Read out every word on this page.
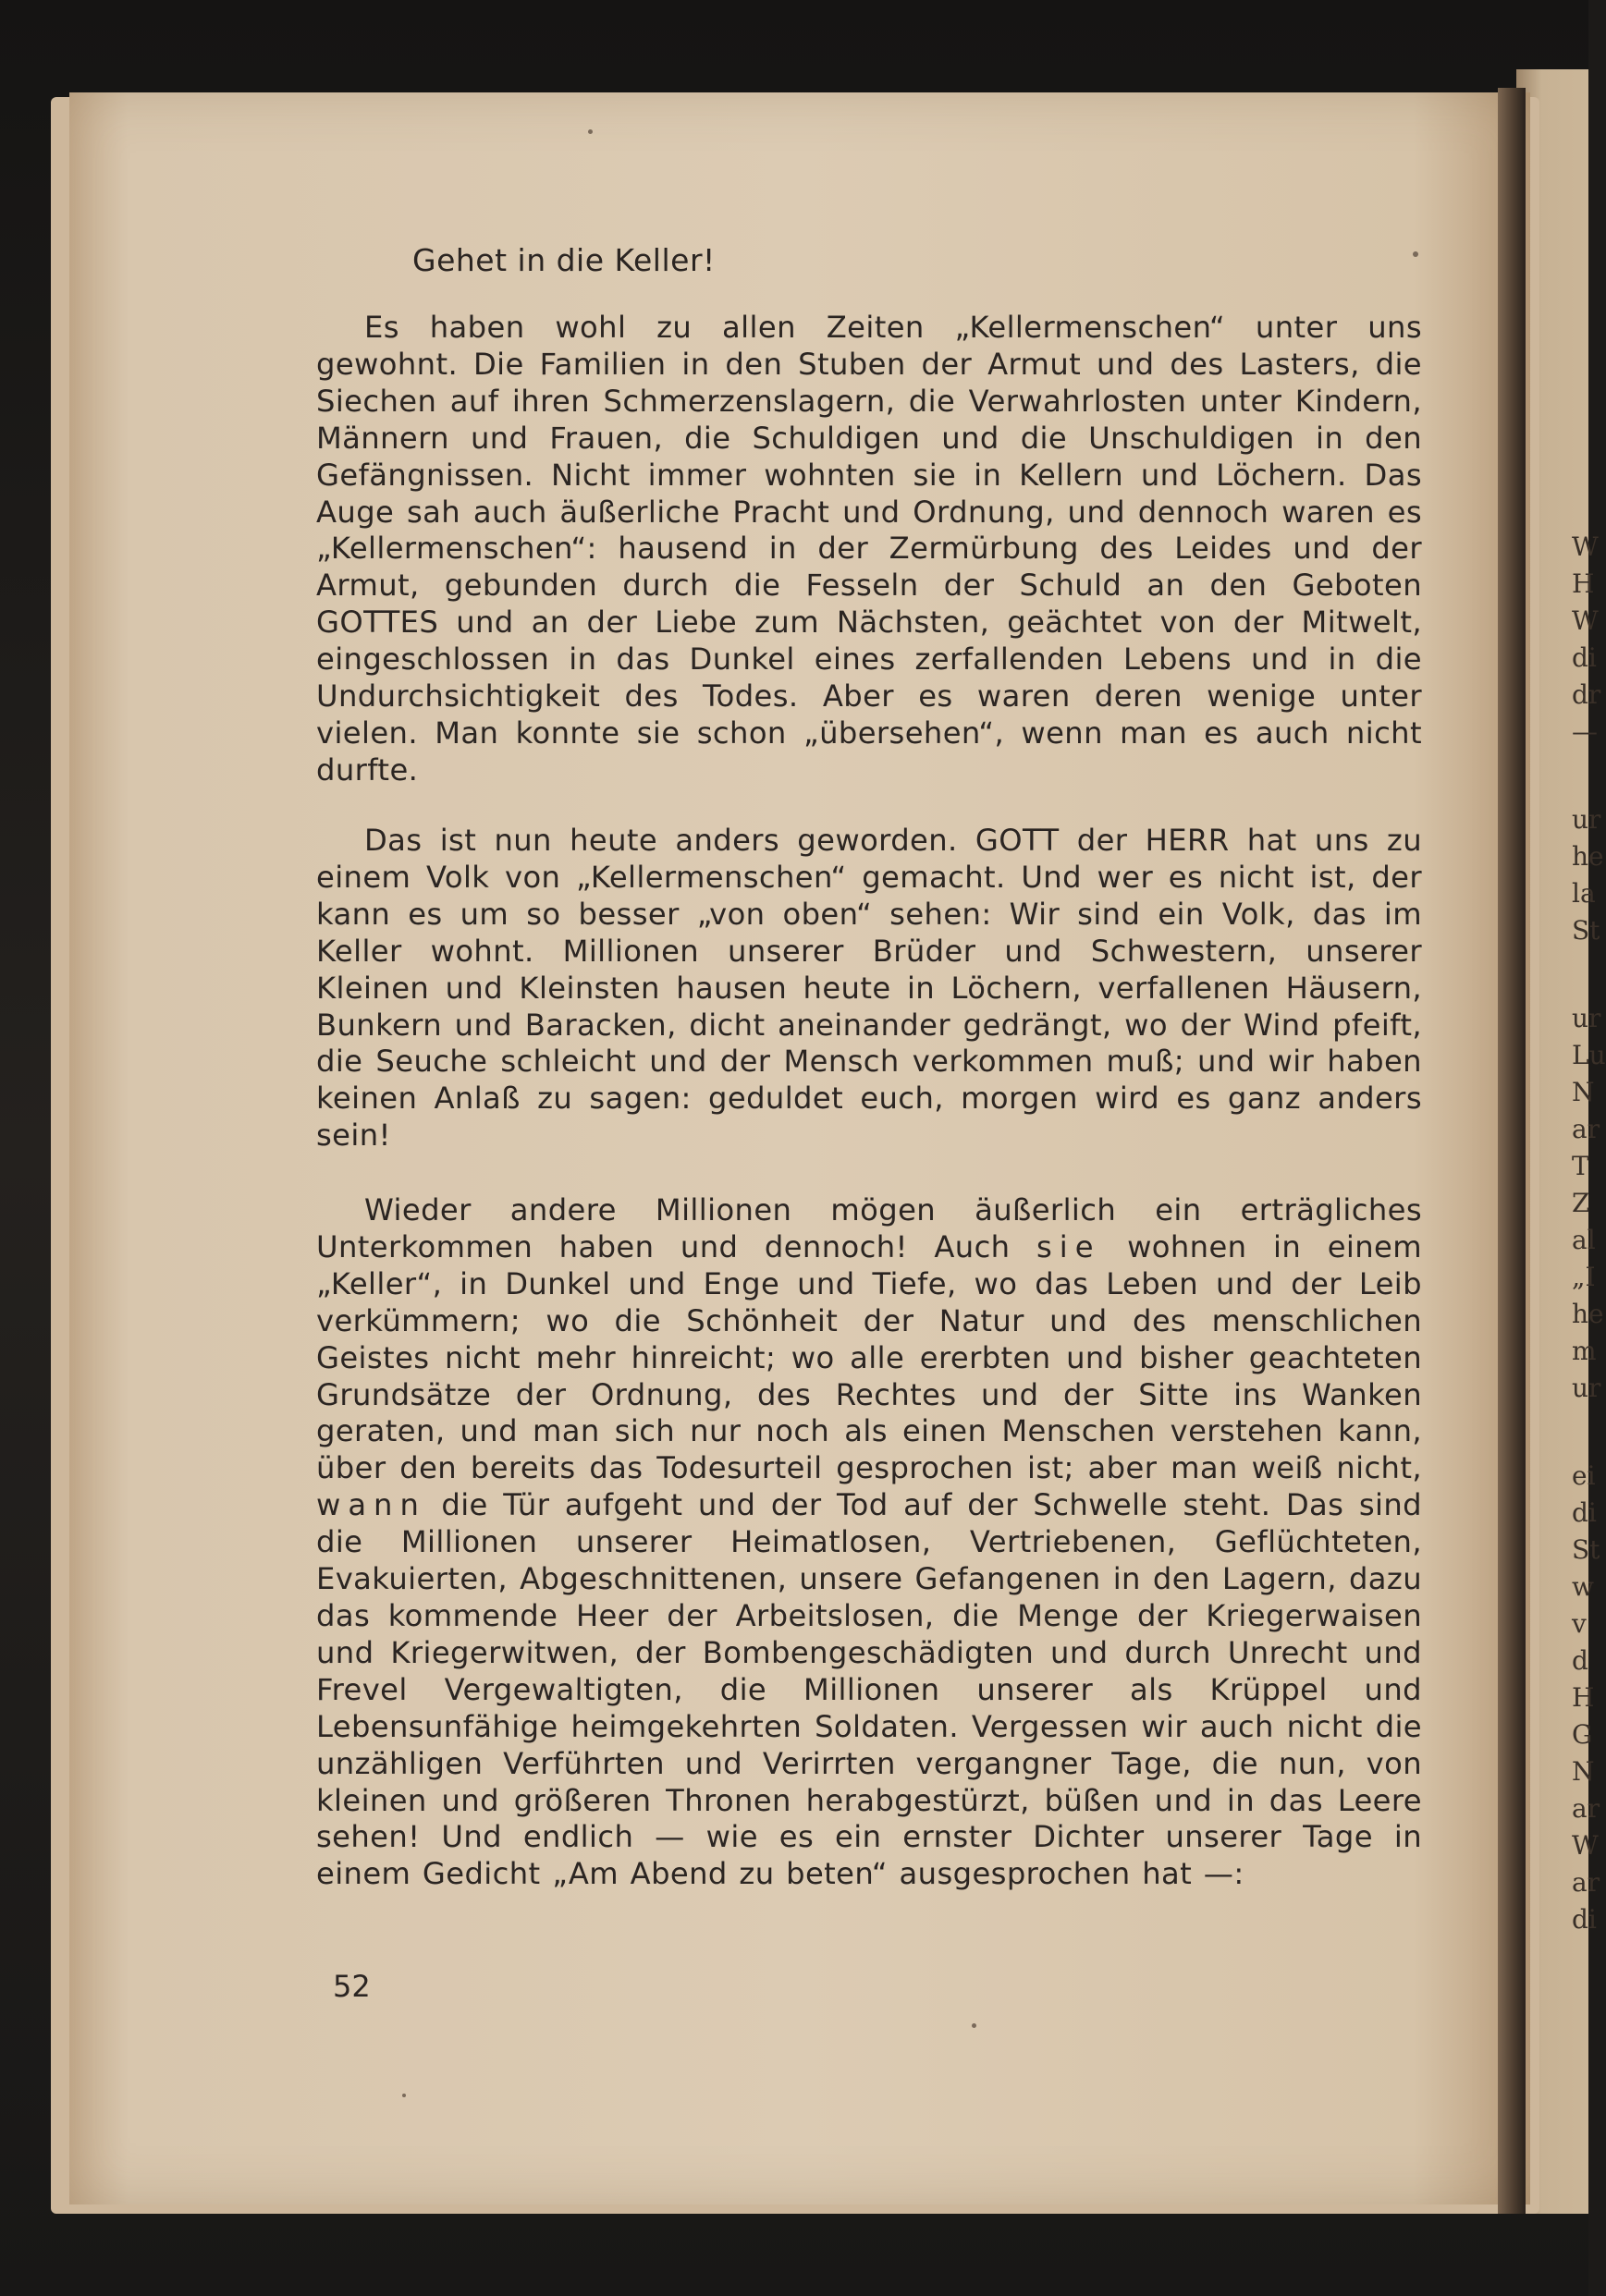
W
H
W
di
dr
—
ur
he
la
St
ur
Lu
N
ar
T
Z
al
„I
he
m
ur
ei
di
St
w
v
d
H
G
N
ar
W
ar
di
Gehet in die Keller!
Es haben wohl zu allen Zeiten „Kellermenschen“ unter uns gewohnt. Die Familien in den Stuben der Armut und des Lasters, die Siechen auf ihren Schmerzenslagern, die Verwahrlosten unter Kindern, Männern und Frauen, die Schuldigen und die Unschuldigen in den Gefängnissen. Nicht immer wohnten sie in Kellern und Löchern. Das Auge sah auch äußerliche Pracht und Ordnung, und dennoch waren es „Kellermenschen“: hausend in der Zermürbung des Leides und der Armut, gebunden durch die Fesseln der Schuld an den Geboten GOTTES und an der Liebe zum Nächsten, geächtet von der Mitwelt, eingeschlossen in das Dunkel eines zerfallenden Lebens und in die Undurchsichtigkeit des Todes. Aber es waren deren wenige unter vielen. Man konnte sie schon „übersehen“, wenn man es auch nicht durfte.
Das ist nun heute anders geworden. GOTT der HERR hat uns zu einem Volk von „Kellermenschen“ gemacht. Und wer es nicht ist, der kann es um so besser „von oben“ sehen: Wir sind ein Volk, das im Keller wohnt. Millionen unserer Brüder und Schwestern, unserer Kleinen und Kleinsten hausen heute in Löchern, verfallenen Häusern, Bunkern und Baracken, dicht aneinander gedrängt, wo der Wind pfeift, die Seuche schleicht und der Mensch verkommen muß; und wir haben keinen Anlaß zu sagen: geduldet euch, morgen wird es ganz anders sein!
Wieder andere Millionen mögen äußerlich ein erträgliches Unterkommen haben und dennoch! Auch sie wohnen in einem „Keller“, in Dunkel und Enge und Tiefe, wo das Leben und der Leib verkümmern; wo die Schönheit der Natur und des menschlichen Geistes nicht mehr hinreicht; wo alle ererbten und bisher geachteten Grundsätze der Ordnung, des Rechtes und der Sitte ins Wanken geraten, und man sich nur noch als einen Menschen verstehen kann, über den bereits das Todesurteil gesprochen ist; aber man weiß nicht, wann die Tür aufgeht und der Tod auf der Schwelle steht. Das sind die Millionen unserer Heimatlosen, Vertriebenen, Geflüchteten, Evakuierten, Abgeschnittenen, unsere Gefangenen in den Lagern, dazu das kommende Heer der Arbeitslosen, die Menge der Kriegerwaisen und Kriegerwitwen, der Bombengeschädigten und durch Unrecht und Frevel Vergewaltigten, die Millionen unserer als Krüppel und Lebensunfähige heimgekehrten Soldaten. Vergessen wir auch nicht die unzähligen Verführten und Verirrten vergangner Tage, die nun, von kleinen und größeren Thronen herabgestürzt, büßen und in das Leere sehen! Und endlich — wie es ein ernster Dichter unserer Tage in einem Gedicht „Am Abend zu beten“ ausgesprochen hat —:
52
